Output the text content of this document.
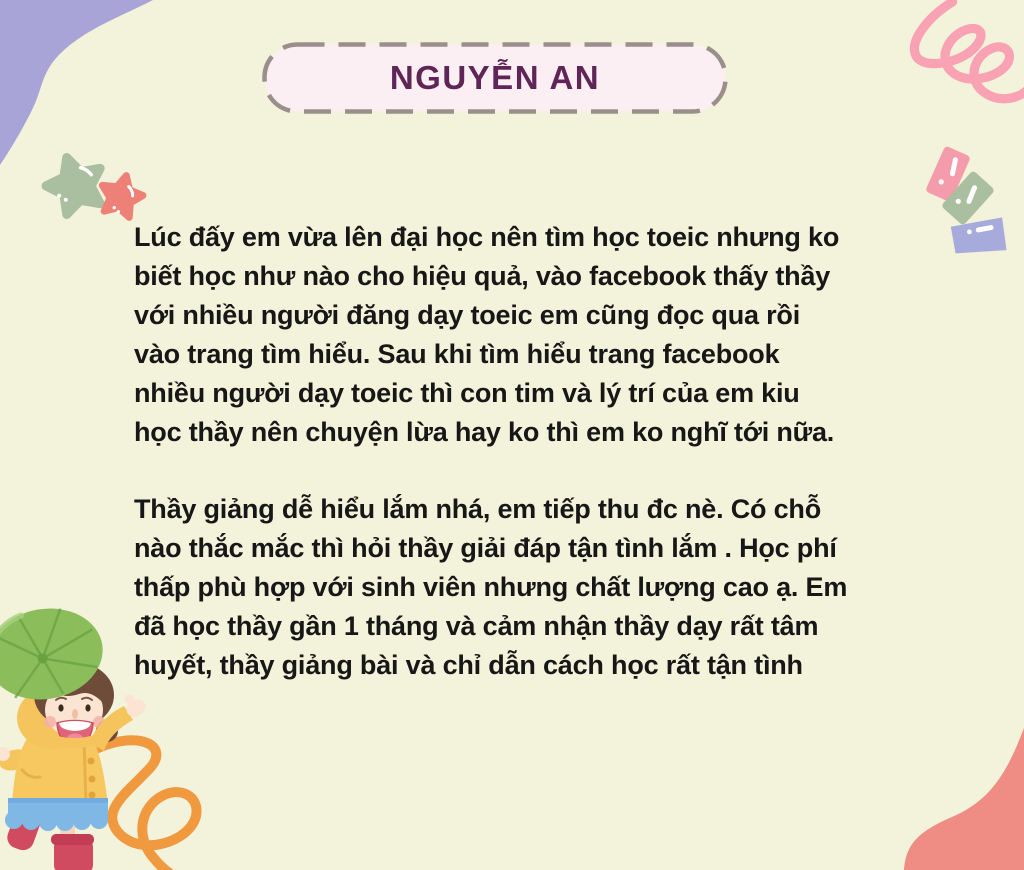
NGUYỄN AN
Lúc đấy em vừa lên đại học nên tìm học toeic nhưng ko
biết học như nào cho hiệu quả, vào facebook thấy thầy
với nhiều người đăng dạy toeic em cũng đọc qua rồi
vào trang tìm hiểu. Sau khi tìm hiểu trang facebook
nhiều người dạy toeic thì con tim và lý trí của em kiu
học thầy nên chuyện lừa hay ko thì em ko nghĩ tới nữa.
Thầy giảng dễ hiểu lắm nhá, em tiếp thu đc nè. Có chỗ
nào thắc mắc thì hỏi thầy giải đáp tận tình lắm . Học phí
thấp phù hợp với sinh viên nhưng chất lượng cao ạ. Em
đã học thầy gần 1 tháng và cảm nhận thầy dạy rất tâm
huyết, thầy giảng bài và chỉ dẫn cách học rất tận tình
